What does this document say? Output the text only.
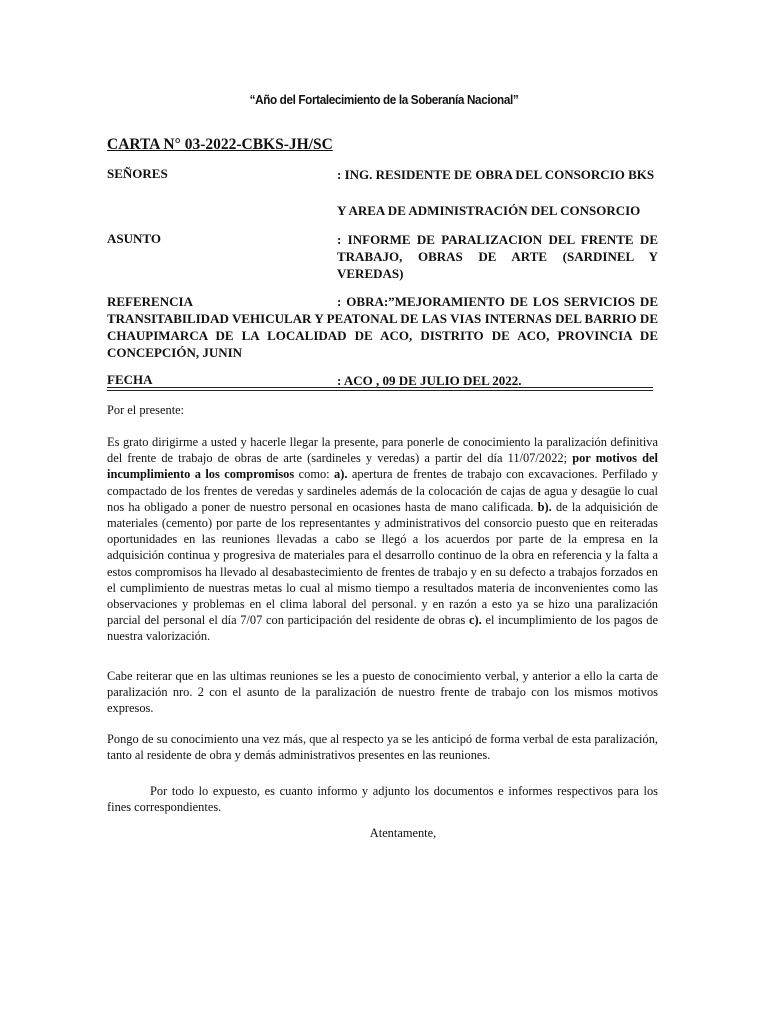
“Año del Fortalecimiento de la Soberanía Nacional”
CARTA N° 03-2022-CBKS-JH/SC
SEÑORES	: ING. RESIDENTE DE OBRA DEL CONSORCIO BKS
Y AREA DE ADMINISTRACIÓN DEL CONSORCIO
ASUNTO	: INFORME DE PARALIZACION DEL FRENTE DE TRABAJO, OBRAS DE ARTE (SARDINEL Y VEREDAS)
REFERENCIA	: OBRA:”MEJORAMIENTO DE LOS SERVICIOS DE TRANSITABILIDAD VEHICULAR Y PEATONAL DE LAS VIAS INTERNAS DEL BARRIO DE CHAUPIMARCA DE LA LOCALIDAD DE ACO, DISTRITO DE ACO, PROVINCIA DE CONCEPCIÓN, JUNIN
FECHA	: ACO , 09 DE JULIO DEL 2022.
Por el presente:
Es grato dirigirme a usted y hacerle llegar la presente, para ponerle de conocimiento la paralización definitiva del frente de trabajo de obras de arte (sardineles y veredas) a partir del día 11/07/2022; por motivos del incumplimiento a los compromisos como: a). apertura de frentes de trabajo con excavaciones. Perfilado y compactado de los frentes de veredas y sardineles además de la colocación de cajas de agua y desagüe lo cual nos ha obligado a poner de nuestro personal en ocasiones hasta de mano calificada. b). de la adquisición de materiales (cemento) por parte de los representantes y administrativos del consorcio puesto que en reiteradas oportunidades en las reuniones llevadas a cabo se llegó a los acuerdos por parte de la empresa en la adquisición continua y progresiva de materiales para el desarrollo continuo de la obra en referencia y la falta a estos compromisos ha llevado al desabastecimiento de frentes de trabajo y en su defecto a trabajos forzados en el cumplimiento de nuestras metas lo cual al mismo tiempo a resultados materia de inconvenientes como las observaciones y problemas en el clima laboral del personal. y en razón a esto ya se hizo una paralización parcial del personal el día 7/07 con participación del residente de obras c). el incumplimiento de los pagos de nuestra valorización.
Cabe reiterar que en las ultimas reuniones se les a puesto de conocimiento verbal, y anterior a ello la carta de paralización nro. 2 con el asunto de la paralización de nuestro frente de trabajo con los mismos motivos expresos.
Pongo de su conocimiento una vez más, que al respecto ya se les anticipó de forma verbal de esta paralización, tanto al residente de obra y demás administrativos presentes en las reuniones.
Por todo lo expuesto, es cuanto informo y adjunto los documentos e informes respectivos para los fines correspondientes.
Atentamente,
